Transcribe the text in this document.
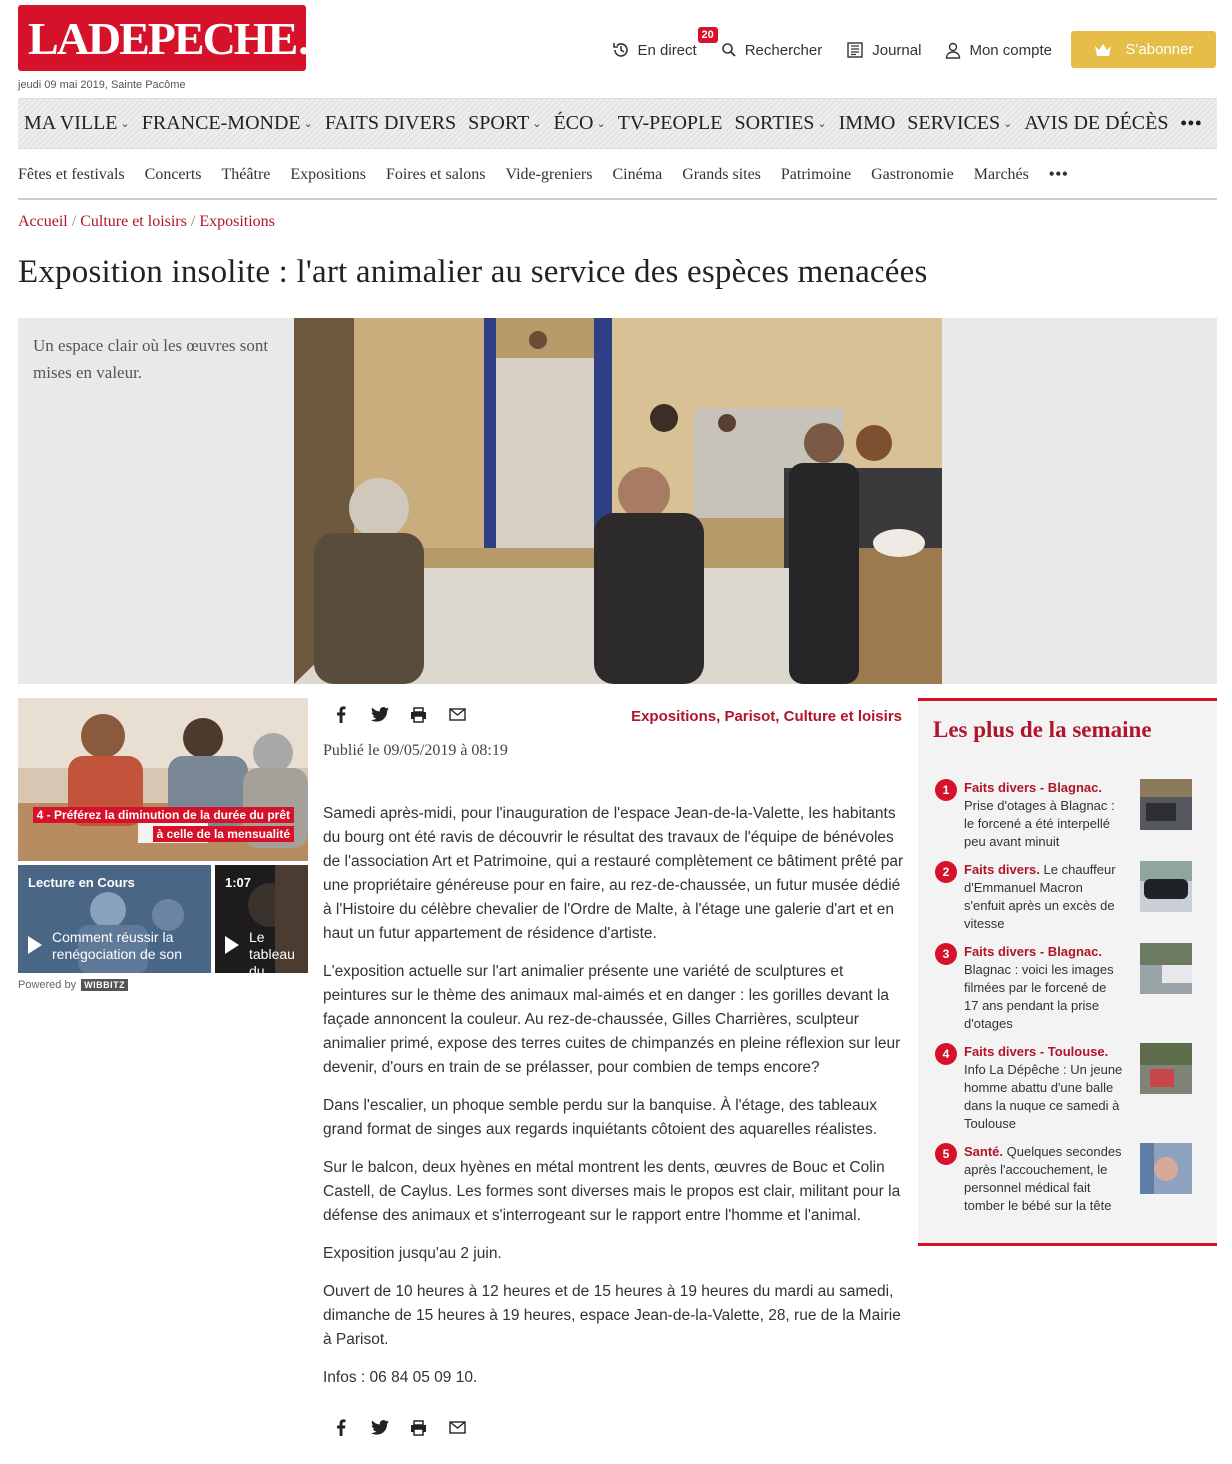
LADEPECHE . fr
jeudi 09 mai 2019, Sainte Pacôme
En direct
20
Rechercher	Journal	Mon compte	S'abonner
MA VILLE ⌄ FRANCE-MONDE ⌄ FAITS DIVERS SPORT ⌄ ÉCO ⌄ TV-PEOPLE SORTIES ⌄ IMMO SERVICES ⌄ AVIS DE DÉCÈS •••
Fêtes et festivals Concerts Théâtre Expositions Foires et salons Vide-greniers Cinéma Grands sites Patrimoine Gastronomie Marchés •••
Accueil / Culture et loisirs / Expositions
Exposition insolite : l'art animalier au service des espèces menacées
Un espace clair où les œuvres sont mises en valeur.
4 - Préférez la diminution de la durée du prêt
à celle de la mensualité
Lecture en Cours
Comment réussir la renégociation de son
1:07
Le tableau du monde
Powered by WIBBITZ
Expositions, Parisot, Culture et loisirs
Publié le 09/05/2019 à 08:19

Samedi après-midi, pour l'inauguration de l'espace Jean-de-la-Valette, les habitants du bourg ont été ravis de découvrir le résultat des travaux de l'équipe de bénévoles de l'association Art et Patrimoine, qui a restauré complètement ce bâtiment prêté par une propriétaire généreuse pour en faire, au rez-de-chaussée, un futur musée dédié à l'Histoire du célèbre chevalier de l'Ordre de Malte, à l'étage une galerie d'art et en haut un futur appartement de résidence d'artiste.

L'exposition actuelle sur l'art animalier présente une variété de sculptures et peintures sur le thème des animaux mal-aimés et en danger : les gorilles devant la façade annoncent la couleur. Au rez-de-chaussée, Gilles Charrières, sculpteur animalier primé, expose des terres cuites de chimpanzés en pleine réflexion sur leur devenir, d'ours en train de se prélasser, pour combien de temps encore?

Dans l'escalier, un phoque semble perdu sur la banquise. À l'étage, des tableaux grand format de singes aux regards inquiétants côtoient des aquarelles réalistes.

Sur le balcon, deux hyènes en métal montrent les dents, œuvres de Bouc et Colin Castell, de Caylus. Les formes sont diverses mais le propos est clair, militant pour la défense des animaux et s'interrogeant sur le rapport entre l'homme et l'animal.

Exposition jusqu'au 2 juin.

Ouvert de 10 heures à 12 heures et de 15 heures à 19 heures du mardi au samedi, dimanche de 15 heures à 19 heures, espace Jean-de-la-Valette, 28, rue de la Mairie à Parisot.

Infos : 06 84 05 09 10.

Les plus de la semaine
1	Faits divers - Blagnac.
Prise d'otages à Blagnac : le forcené a été interpellé peu avant minuit
2	Faits divers. Le chauffeur d'Emmanuel Macron s'enfuit après un excès de vitesse
3	Faits divers - Blagnac.
Blagnac : voici les images filmées par le forcené de 17 ans pendant la prise d'otages
4	Faits divers - Toulouse.
Info La Dépêche : Un jeune homme abattu d'une balle dans la nuque ce samedi à Toulouse
5	Santé. Quelques secondes après l'accouchement, le personnel médical fait tomber le bébé sur la tête
